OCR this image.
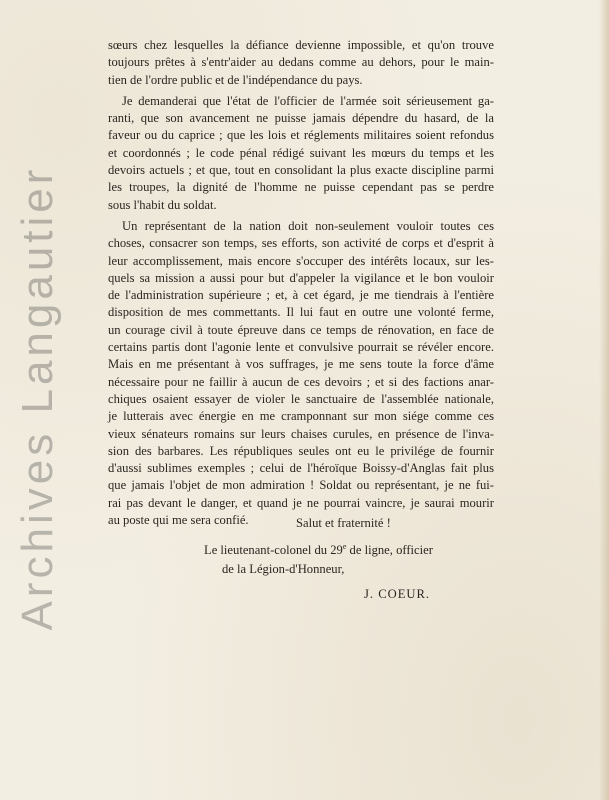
Archives Langautier

sœurs chez lesquelles la défiance devienne impossible, et qu'on trouve
toujours prêtes à s'entr'aider au dedans comme au dehors, pour le main-
tien de l'ordre public et de l'indépendance du pays.

Je demanderai que l'état de l'officier de l'armée soit sérieusement ga-
ranti, que son avancement ne puisse jamais dépendre du hasard, de la
faveur ou du caprice ; que les lois et réglements militaires soient refondus
et coordonnés ; le code pénal rédigé suivant les mœurs du temps et les
devoirs actuels ; et que, tout en consolidant la plus exacte discipline parmi
les troupes, la dignité de l'homme ne puisse cependant pas se perdre
sous l'habit du soldat.

Un représentant de la nation doit non-seulement vouloir toutes ces
choses, consacrer son temps, ses efforts, son activité de corps et d'esprit à
leur accomplissement, mais encore s'occuper des intérêts locaux, sur les-
quels sa mission a aussi pour but d'appeler la vigilance et le bon vouloir
de l'administration supérieure ; et, à cet égard, je me tiendrais à l'entière
disposition de mes commettants. Il lui faut en outre une volonté ferme,
un courage civil à toute épreuve dans ce temps de rénovation, en face de
certains partis dont l'agonie lente et convulsive pourrait se révéler encore.
Mais en me présentant à vos suffrages, je me sens toute la force d'âme
nécessaire pour ne faillir à aucun de ces devoirs ; et si des factions anar-
chiques osaient essayer de violer le sanctuaire de l'assemblée nationale,
je lutterais avec énergie en me cramponnant sur mon siége comme ces
vieux sénateurs romains sur leurs chaises curules, en présence de l'inva-
sion des barbares. Les républiques seules ont eu le privilége de fournir
d'aussi sublimes exemples ; celui de l'héroïque Boissy-d'Anglas fait plus
que jamais l'objet de mon admiration ! Soldat ou représentant, je ne fui-
rai pas devant le danger, et quand je ne pourrai vaincre, je saurai mourir
au poste qui me sera confié.	Salut et fraternité !
Le lieutenant-colonel du 29e de ligne, officier
de la Légion-d'Honneur,
J. COEUR.
